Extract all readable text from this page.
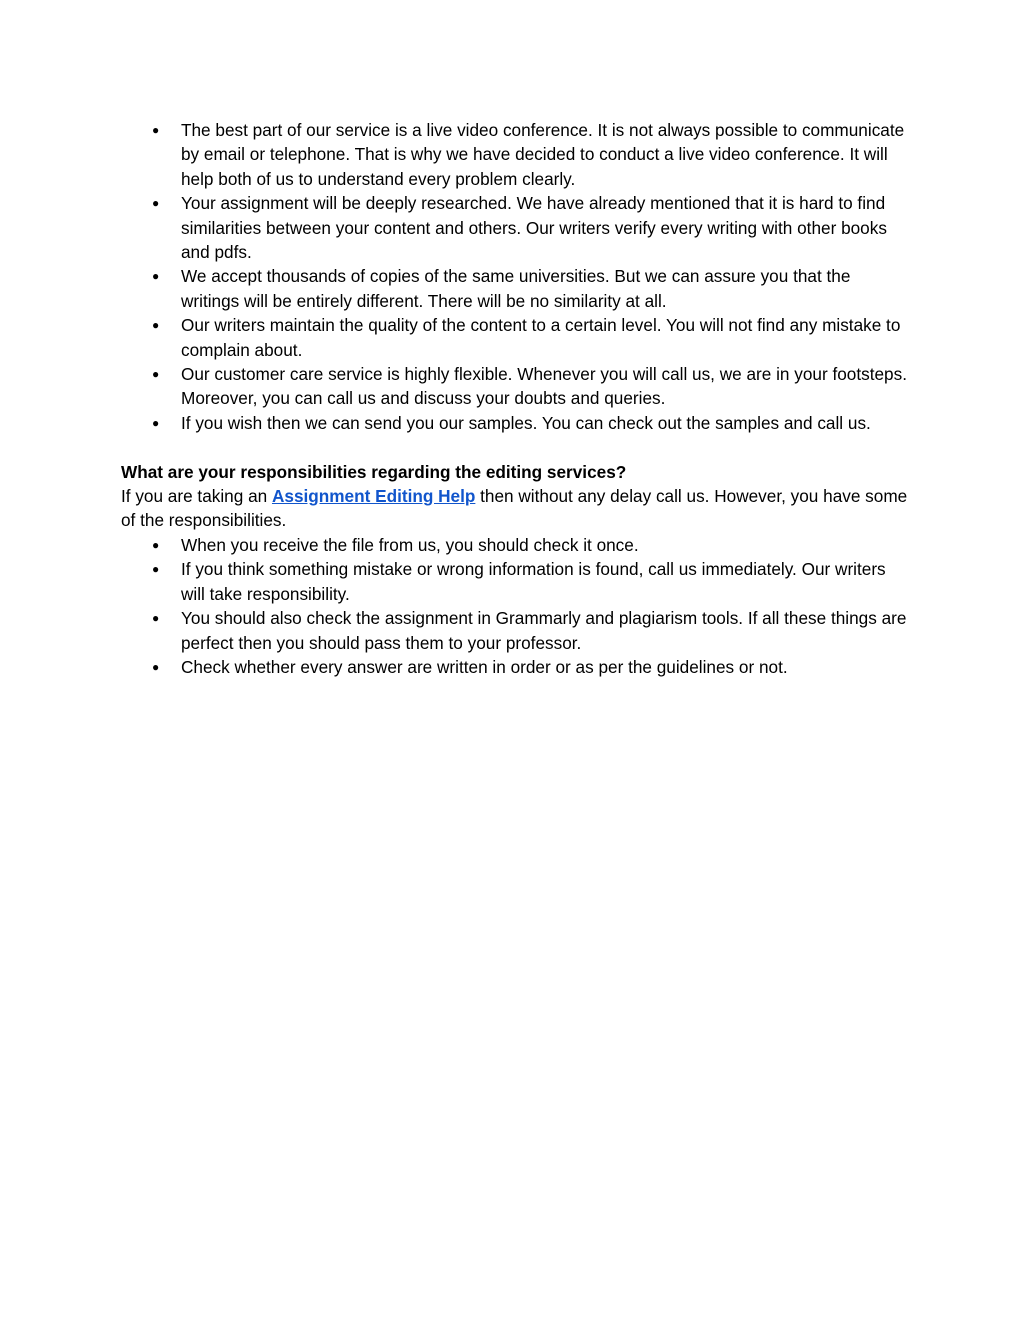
● The best part of our service is a live video conference. It is not always possible to communicate by email or telephone. That is why we have decided to conduct a live video conference. It will help both of us to understand every problem clearly.
● Your assignment will be deeply researched. We have already mentioned that it is hard to find similarities between your content and others. Our writers verify every writing with other books and pdfs.
● We accept thousands of copies of the same universities. But we can assure you that the writings will be entirely different. There will be no similarity at all.
● Our writers maintain the quality of the content to a certain level. You will not find any mistake to complain about.
● Our customer care service is highly flexible. Whenever you will call us, we are in your footsteps. Moreover, you can call us and discuss your doubts and queries.
● If you wish then we can send you our samples. You can check out the samples and call us.

What are your responsibilities regarding the editing services?

If you are taking an Assignment Editing Help then without any delay call us. However, you have some of the responsibilities.

● When you receive the file from us, you should check it once.
● If you think something mistake or wrong information is found, call us immediately. Our writers will take responsibility.
● You should also check the assignment in Grammarly and plagiarism tools. If all these things are perfect then you should pass them to your professor.
● Check whether every answer are written in order or as per the guidelines or not.
